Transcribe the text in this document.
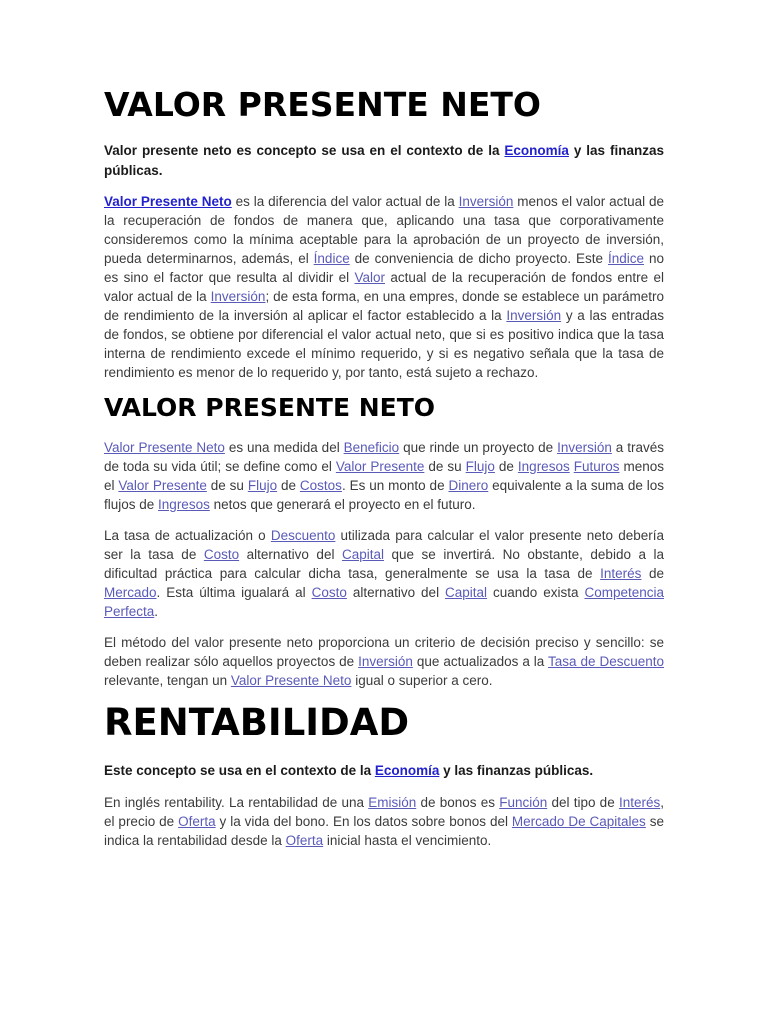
VALOR PRESENTE NETO

Valor presente neto es concepto se usa en el contexto de la Economía y las finanzas públicas.

Valor Presente Neto es la diferencia del valor actual de la Inversión menos el valor actual de la recuperación de fondos de manera que, aplicando una tasa que corporativamente consideremos como la mínima aceptable para la aprobación de un proyecto de inversión, pueda determinarnos, además, el Índice de conveniencia de dicho proyecto. Este Índice no es sino el factor que resulta al dividir el Valor actual de la recuperación de fondos entre el valor actual de la Inversión; de esta forma, en una empres, donde se establece un parámetro de rendimiento de la inversión al aplicar el factor establecido a la Inversión y a las entradas de fondos, se obtiene por diferencial el valor actual neto, que si es positivo indica que la tasa interna de rendimiento excede el mínimo requerido, y si es negativo señala que la tasa de rendimiento es menor de lo requerido y, por tanto, está sujeto a rechazo.

VALOR PRESENTE NETO

Valor Presente Neto es una medida del Beneficio que rinde un proyecto de Inversión a través de toda su vida útil; se define como el Valor Presente de su Flujo de Ingresos Futuros menos el Valor Presente de su Flujo de Costos. Es un monto de Dinero equivalente a la suma de los flujos de Ingresos netos que generará el proyecto en el futuro.

La tasa de actualización o Descuento utilizada para calcular el valor presente neto debería ser la tasa de Costo alternativo del Capital que se invertirá. No obstante, debido a la dificultad práctica para calcular dicha tasa, generalmente se usa la tasa de Interés de Mercado. Esta última igualará al Costo alternativo del Capital cuando exista Competencia Perfecta.

El método del valor presente neto proporciona un criterio de decisión preciso y sencillo: se deben realizar sólo aquellos proyectos de Inversión que actualizados a la Tasa de Descuento relevante, tengan un Valor Presente Neto igual o superior a cero.

RENTABILIDAD

Este concepto se usa en el contexto de la Economía y las finanzas públicas.

En inglés rentability. La rentabilidad de una Emisión de bonos es Función del tipo de Interés, el precio de Oferta y la vida del bono. En los datos sobre bonos del Mercado De Capitales se indica la rentabilidad desde la Oferta inicial hasta el vencimiento.
